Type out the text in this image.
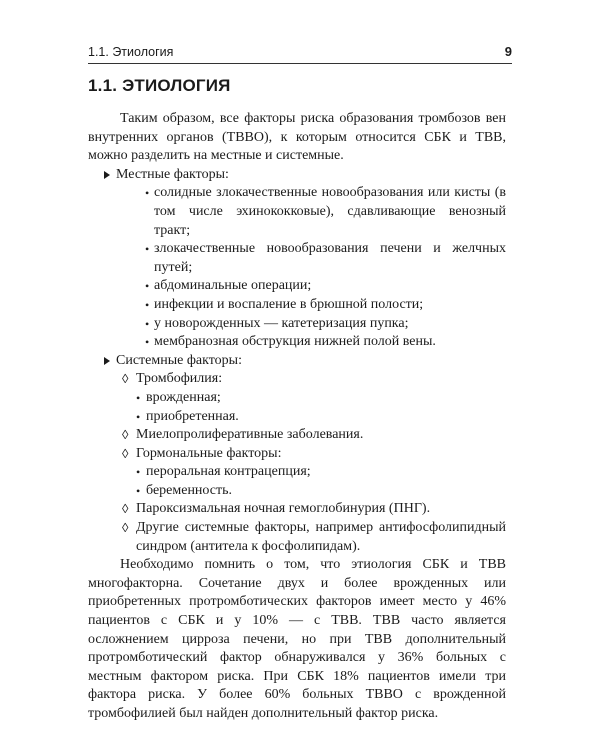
1.1. Этиология	9
1.1. ЭТИОЛОГИЯ

Таким образом, все факторы риска образования тромбозов вен внутренних органов (ТВВО), к которым относится СБК и ТВВ, можно разделить на местные и системные.

Местные факторы:
• солидные злокачественные новообразования или кисты (в том числе эхинококковые), сдавливающие венозный тракт;
• злокачественные новообразования печени и желчных путей;
• абдоминальные операции;
• инфекции и воспаление в брюшной полости;
• у новорожденных — катетеризация пупка;
• мембранозная обструкция нижней полой вены.
Системные факторы:
◊ Тромбофилия:
• врожденная;
• приобретенная.
◊ Миелопролиферативные заболевания.
◊ Гормональные факторы:
• пероральная контрацепция;
• беременность.
◊ Пароксизмальная ночная гемоглобинурия (ПНГ).
◊ Другие системные факторы, например антифосфолипидный синдром (антитела к фосфолипидам).

Необходимо помнить о том, что этиология СБК и ТВВ многофакторна. Сочетание двух и более врожденных или приобретенных протромботических факторов имеет место у 46% пациентов с СБК и у 10% — с ТВВ. ТВВ часто является осложнением цирроза печени, но при ТВВ дополнительный протромботический фактор обнаруживался у 36% больных с местным фактором риска. При СБК 18% пациентов имели три фактора риска. У более 60% больных ТВВО с врожденной тромбофилией был найден дополнительный фактор риска.
